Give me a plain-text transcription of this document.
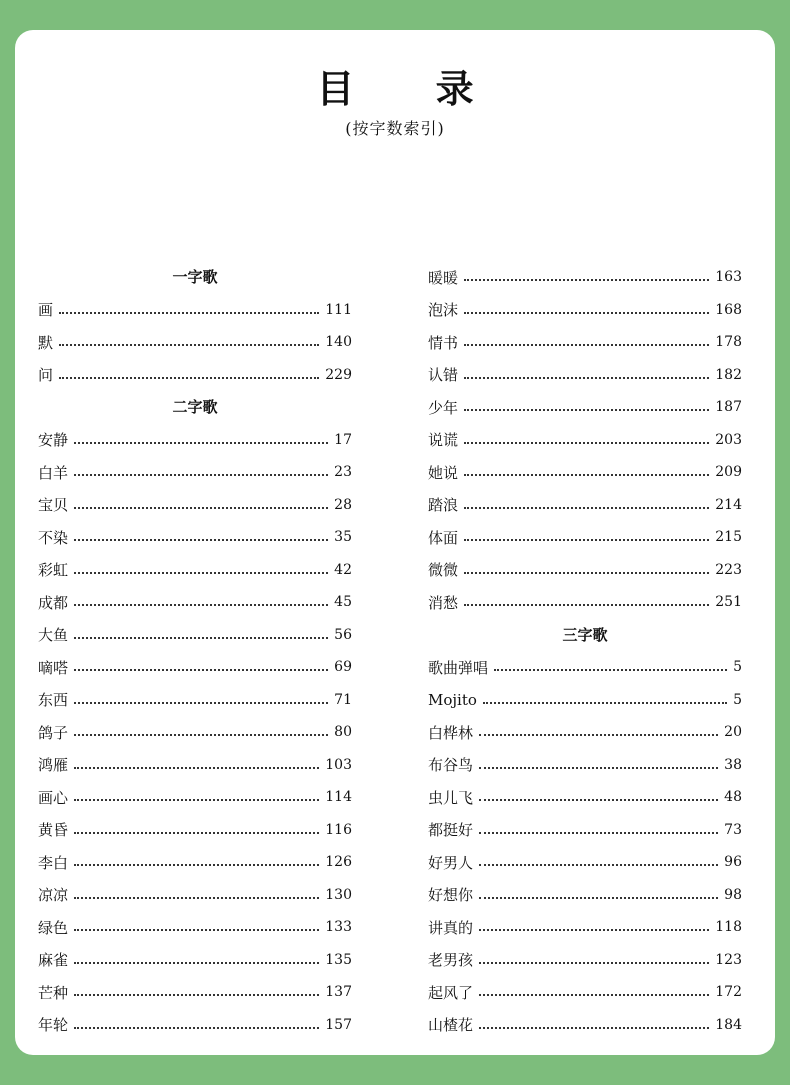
目 录
(按字数索引)
一字歌
画	111
默	140
问	229
二字歌
安静	17
白羊	23
宝贝	28
不染	35
彩虹	42
成都	45
大鱼	56
嘀嗒	69
东西	71
鸽子	80
鸿雁	103
画心	114
黄昏	116
李白	126
凉凉	130
绿色	133
麻雀	135
芒种	137
年轮	157
暖暖	163
泡沫	168
情书	178
认错	182
少年	187
说谎	203
她说	209
踏浪	214
体面	215
微微	223
消愁	251
三字歌
歌曲弹唱	5
Mojito	5
白桦林	20
布谷鸟	38
虫儿飞	48
都挺好	73
好男人	96
好想你	98
讲真的	118
老男孩	123
起风了	172
山楂花	184
